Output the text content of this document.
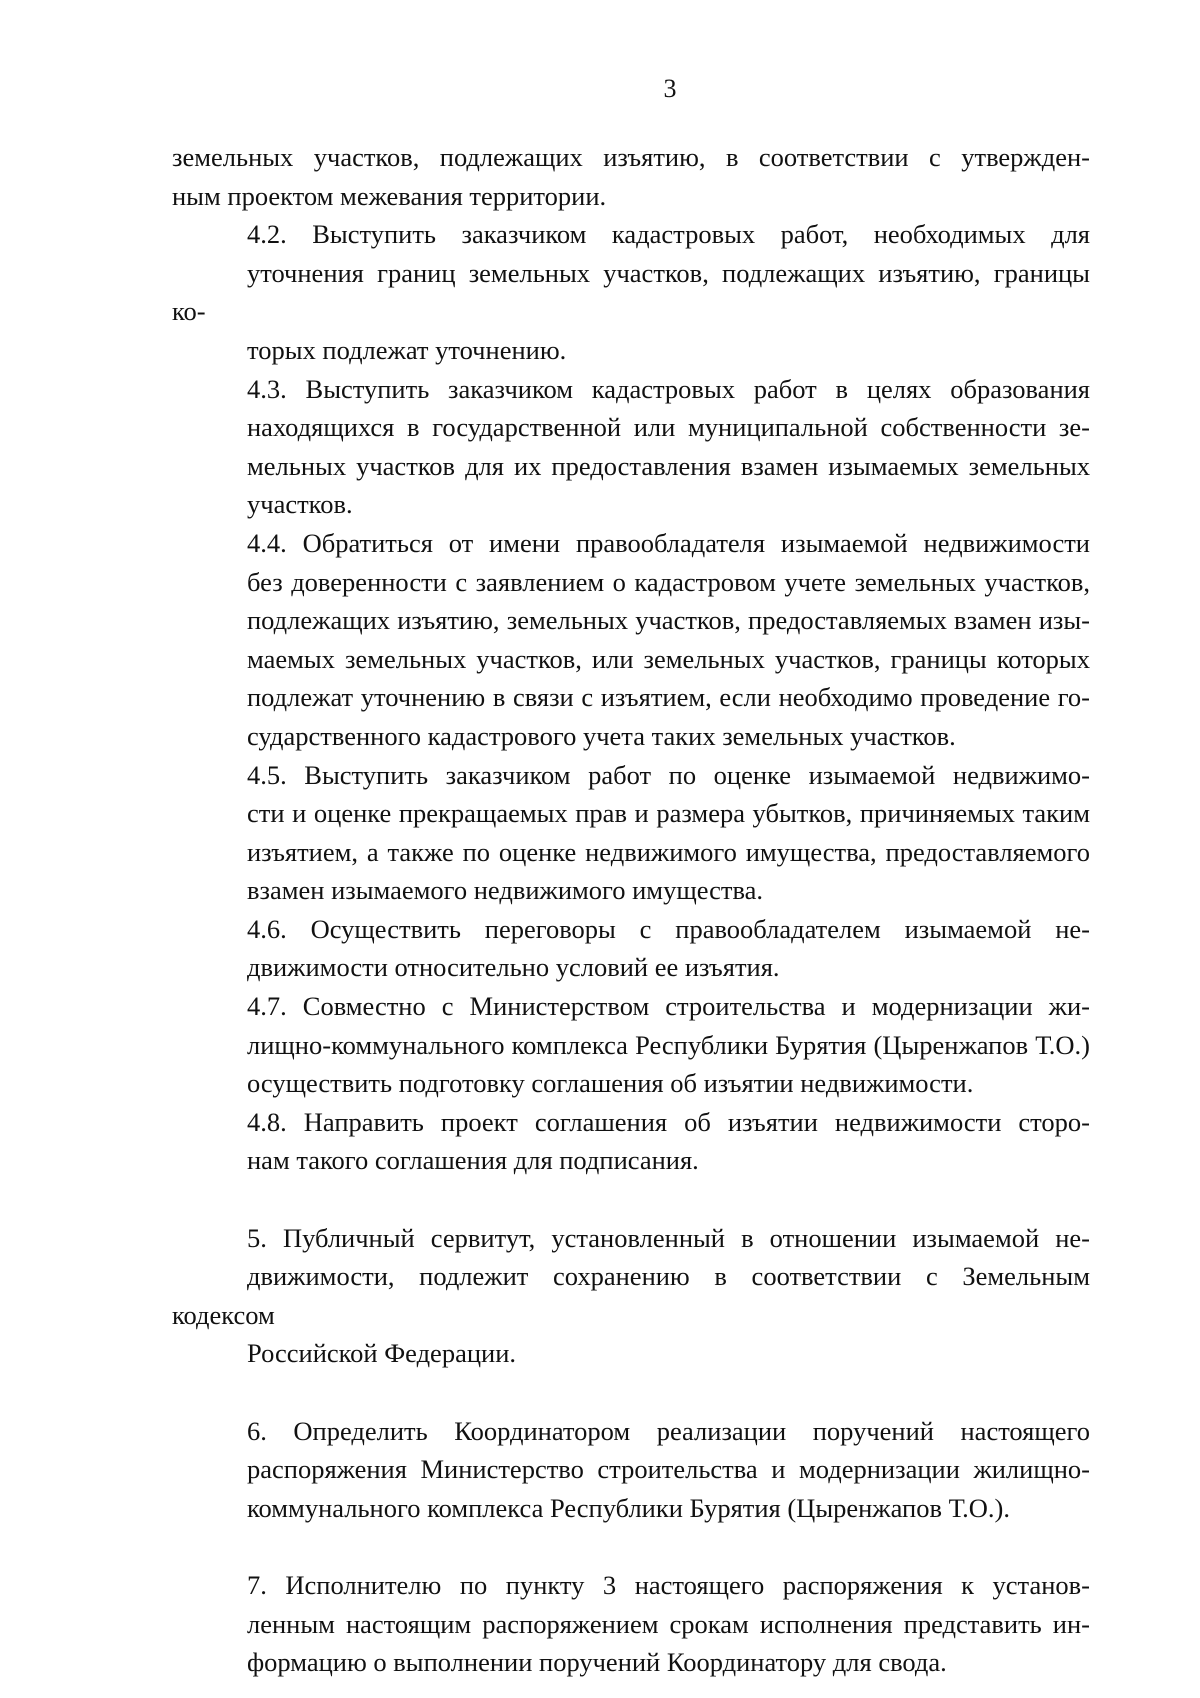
3

земельных участков, подлежащих изъятию, в соответствии с утвержден-
ным проектом межевания территории.

4.2. Выступить заказчиком кадастровых работ, необходимых для
уточнения границ земельных участков, подлежащих изъятию, границы ко-
торых подлежат уточнению.

4.3. Выступить заказчиком кадастровых работ в целях образования
находящихся в государственной или муниципальной собственности зе-
мельных участков для их предоставления взамен изымаемых земельных
участков.

4.4. Обратиться от имени правообладателя изымаемой недвижимости
без доверенности с заявлением о кадастровом учете земельных участков,
подлежащих изъятию, земельных участков, предоставляемых взамен изы-
маемых земельных участков, или земельных участков, границы которых
подлежат уточнению в связи с изъятием, если необходимо проведение го-
сударственного кадастрового учета таких земельных участков.

4.5. Выступить заказчиком работ по оценке изымаемой недвижимо-
сти и оценке прекращаемых прав и размера убытков, причиняемых таким
изъятием, а также по оценке недвижимого имущества, предоставляемого
взамен изымаемого недвижимого имущества.

4.6. Осуществить переговоры с правообладателем изымаемой не-
движимости относительно условий ее изъятия.

4.7. Совместно с Министерством строительства и модернизации жи-
лищно-коммунального комплекса Республики Бурятия (Цыренжапов Т.О.)
осуществить подготовку соглашения об изъятии недвижимости.

4.8. Направить проект соглашения об изъятии недвижимости сторо-
нам такого соглашения для подписания.

5. Публичный сервитут, установленный в отношении изымаемой не-
движимости, подлежит сохранению в соответствии с Земельным кодексом
Российской Федерации.

6. Определить Координатором реализации поручений настоящего
распоряжения Министерство строительства и модернизации жилищно-
коммунального комплекса Республики Бурятия (Цыренжапов Т.О.).

7. Исполнителю по пункту 3 настоящего распоряжения к установ-
ленным настоящим распоряжением срокам исполнения представить ин-
формацию о выполнении поручений Координатору для свода.
